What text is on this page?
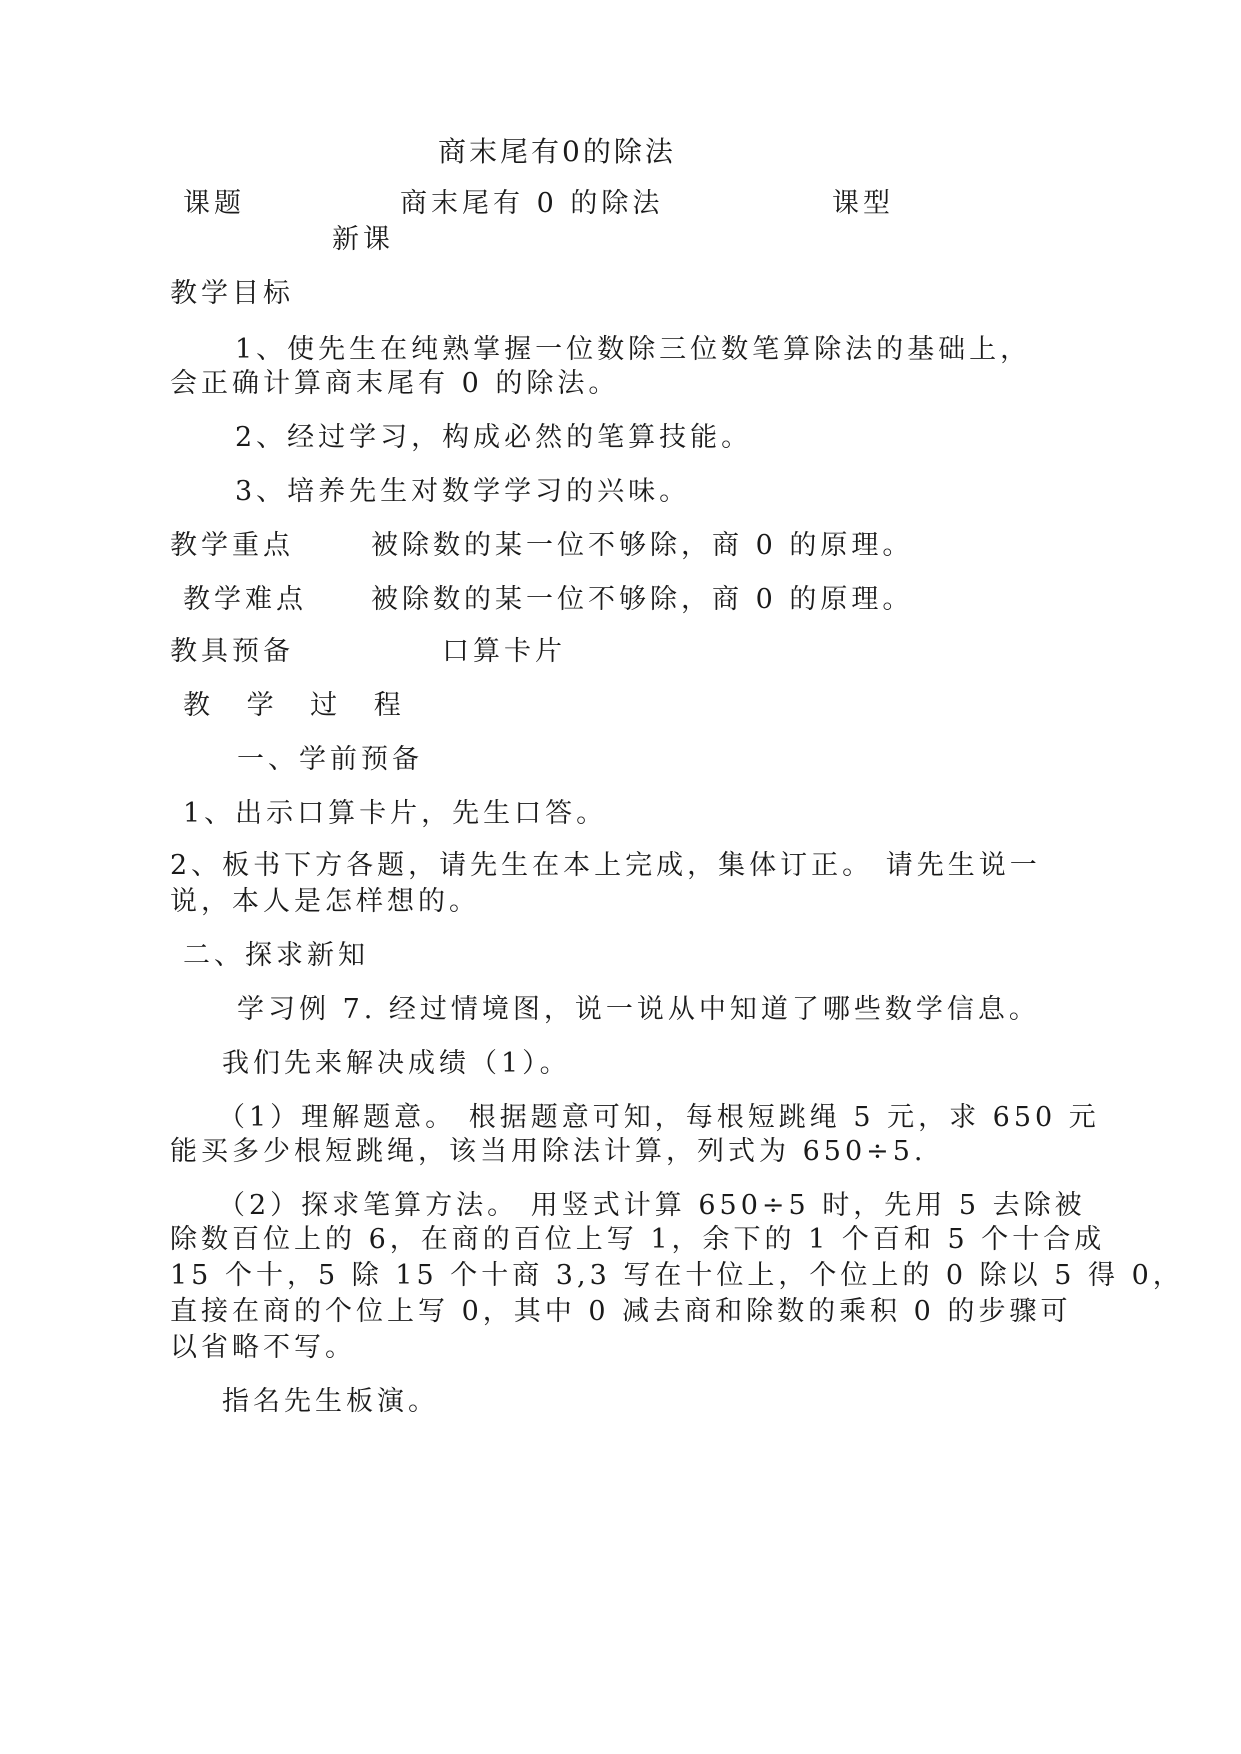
商末尾有0的除法
课题	商末尾有 0 的除法	课型
新课
教学目标
1、使先生在纯熟掌握一位数除三位数笔算除法的基础上，
会正确计算商末尾有 0 的除法。
2、经过学习，构成必然的笔算技能。
3、培养先生对数学学习的兴味。
教学重点	被除数的某一位不够除，商 0 的原理。
教学难点 被除数的某一位不够除，商 0 的原理。
教具预备	口算卡片
教 学 过 程
一、学前预备
1、出示口算卡片，先生口答。
2、板书下方各题，请先生在本上完成，集体订正。 请先生说一
说，本人是怎样想的。
二、探求新知
学习例 7. 经过情境图，说一说从中知道了哪些数学信息。
我们先来解决成绩（1）。
（1）理解题意。 根据题意可知，每根短跳绳 5 元，求 650 元
能买多少根短跳绳，该当用除法计算，列式为 650÷5.
（2）探求笔算方法。 用竖式计算 650÷5 时，先用 5 去除被
除数百位上的 6，在商的百位上写 1，余下的 1 个百和 5 个十合成
15 个十，5 除 15 个十商 3,3 写在十位上，个位上的 0 除以 5 得 0，
直接在商的个位上写 0，其中 0 减去商和除数的乘积 0 的步骤可
以省略不写。
指名先生板演。
